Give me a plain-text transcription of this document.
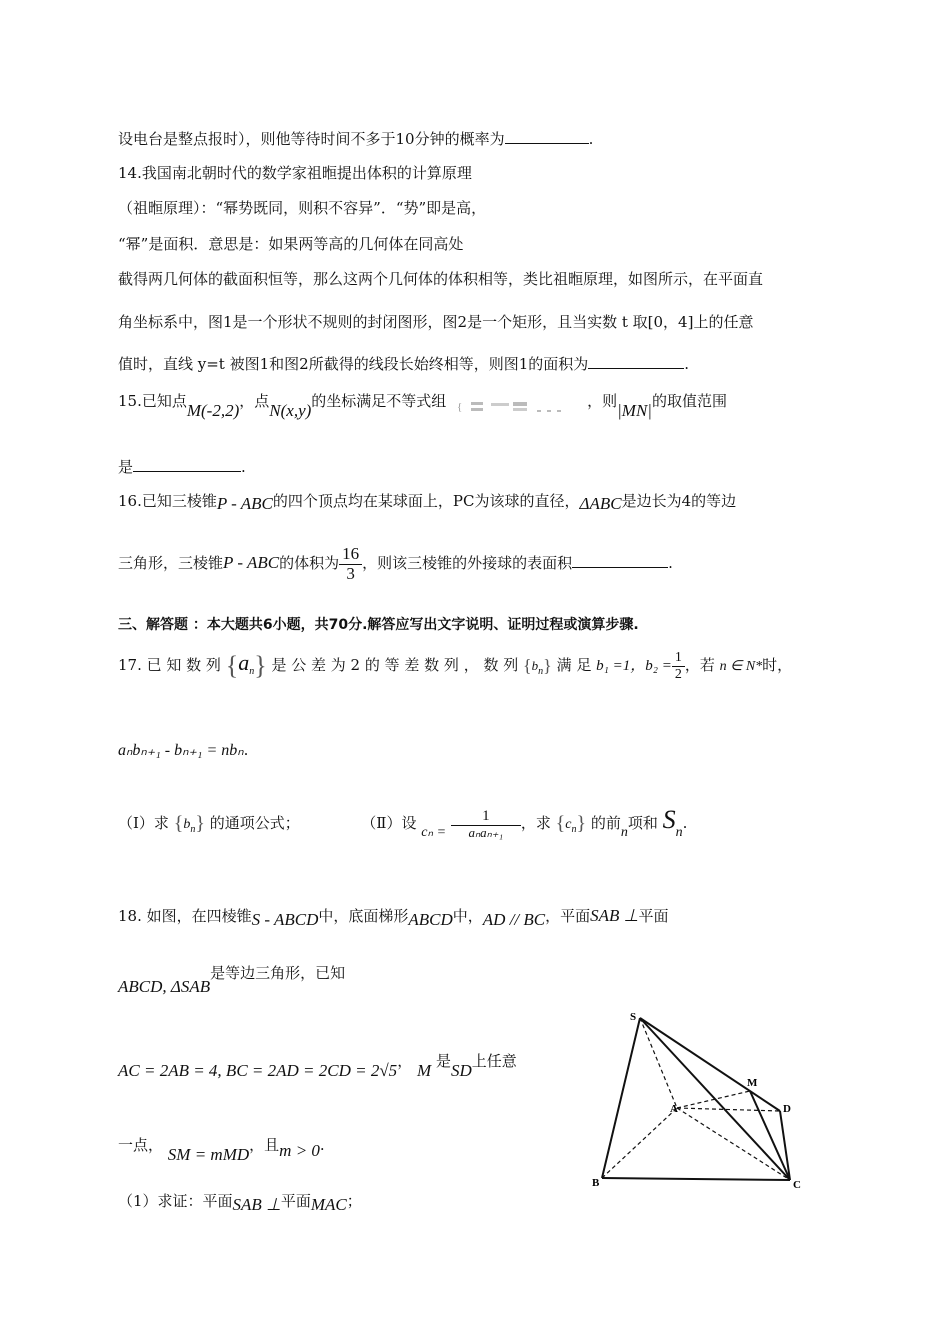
设电台是整点报时），则他等待时间不多于10分钟的概率为	.
14.我国南北朝时代的数学家祖暅提出体积的计算原理
（祖暅原理）：“幂势既同，则积不容异”．“势”即是高，
“幂”是面积．意思是：如果两等高的几何体在同高处
截得两几何体的截面积恒等，那么这两个几何体的体积相等，类比祖暅原理，如图所示，在平面直
角坐标系中，图1是一个形状不规则的封闭图形，图2是一个矩形，且当实数 t 取[0，4]上的任意
值时，直线 y=t 被图1和图2所截得的线段长始终相等，则图1的面积为	.
15.已知点M(-2,2)，点N(x,y)的坐标满足不等式组 {	，则|MN|的取值范围
是	.
16.已知三棱锥P - ABC的四个顶点均在某球面上，PC为该球的直径，ΔABC是边长为4的等边
三角形，三棱锥P - ABC的体积为 $\frac{16}{3}$ ，则该三棱锥的外接球的表面积	.
三、解答题 ：本大题共6小题，共70分.解答应写出文字说明、证明过程或演算步骤.
17. 已 知 数 列 $\{a_n\}$ 是 公 差 为 2 的 等 差 数 列 ， 数 列 $\{b_n\}$ 满 足 b₁ =1，$b_2 = \frac{1}{2}$ ，若 n ∈ N*时，
aₙbₙ₊₁ - bₙ₊₁ = nbₙ.
（Ⅰ）求 $\{b_n\}$ 的通项公式；	（Ⅱ）设 $c_n = \frac{1}{\text{aₙaₙ₊₁}}$ ，求 $\{c_n\}$ 的前n项和 Sn.
18. 如图，在四棱锥S - ABCD中，底面梯形ABCD中，AD // BC，平面SAB ⊥平面
ABCD, ΔSAB是等边三角形，已知
AC = 2AB = 4, BC = 2AD = 2CD = 2√5， M 是SD上任意
一点， SM = mMD，且m > 0.
（1）求证：平面SAB ⊥平面MAC；
S
M
A	D
B	C
